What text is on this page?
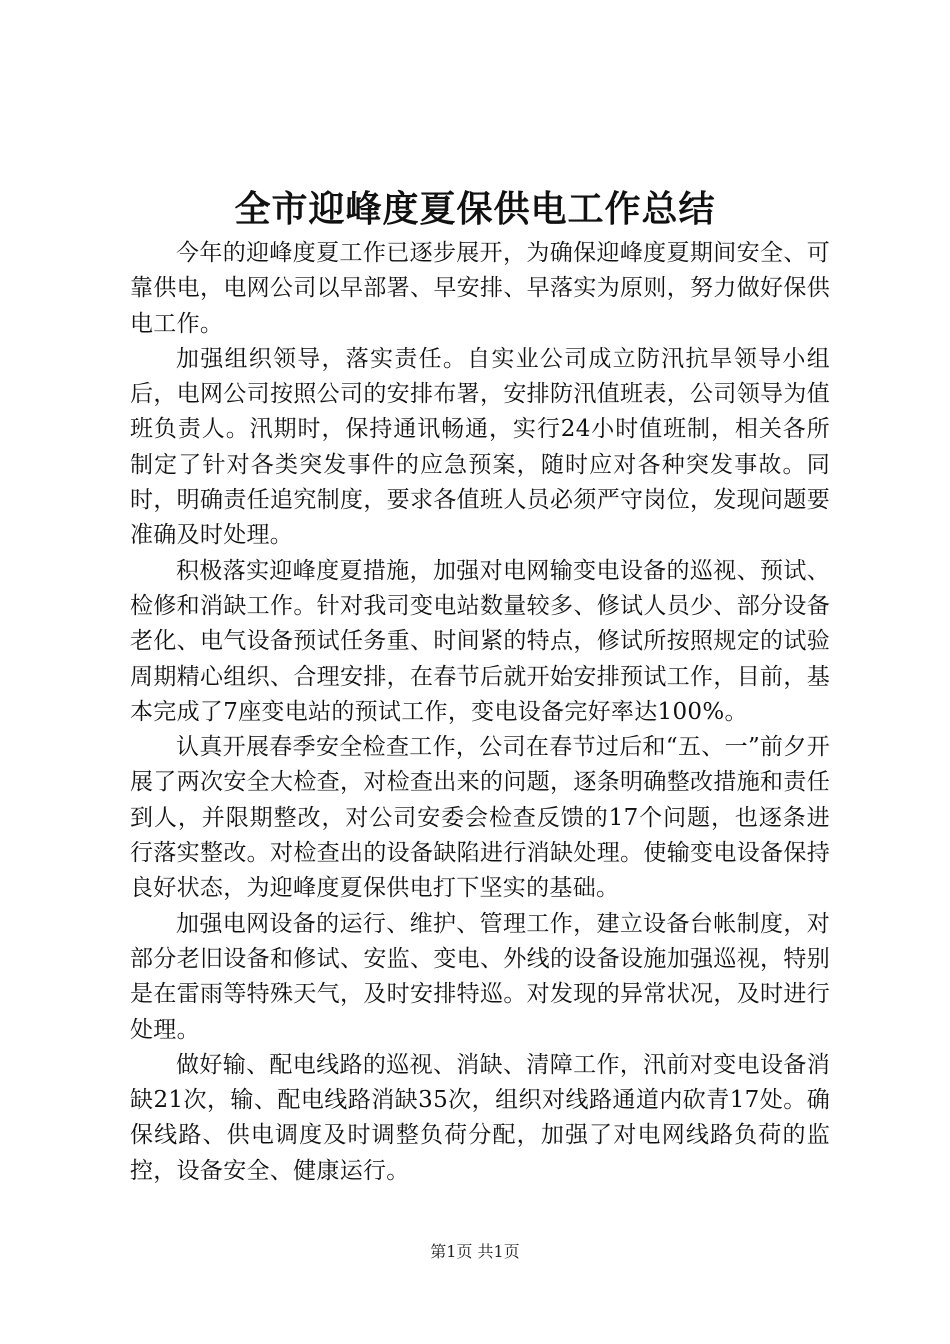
全市迎峰度夏保供电工作总结

今年的迎峰度夏工作已逐步展开，为确保迎峰度夏期间安全、可靠供电，电网公司以早部署、早安排、早落实为原则，努力做好保供电工作。

加强组织领导，落实责任。自实业公司成立防汛抗旱领导小组后，电网公司按照公司的安排布署，安排防汛值班表，公司领导为值班负责人。汛期时，保持通讯畅通，实行24小时值班制，相关各所制定了针对各类突发事件的应急预案，随时应对各种突发事故。同时，明确责任追究制度，要求各值班人员必须严守岗位，发现问题要准确及时处理。

积极落实迎峰度夏措施，加强对电网输变电设备的巡视、预试、检修和消缺工作。针对我司变电站数量较多、修试人员少、部分设备老化、电气设备预试任务重、时间紧的特点，修试所按照规定的试验周期精心组织、合理安排，在春节后就开始安排预试工作，目前，基本完成了7座变电站的预试工作，变电设备完好率达100%。

认真开展春季安全检查工作，公司在春节过后和“五、一”前夕开展了两次安全大检查，对检查出来的问题，逐条明确整改措施和责任到人，并限期整改，对公司安委会检查反馈的17个问题，也逐条进行落实整改。对检查出的设备缺陷进行消缺处理。使输变电设备保持良好状态，为迎峰度夏保供电打下坚实的基础。

加强电网设备的运行、维护、管理工作，建立设备台帐制度，对部分老旧设备和修试、安监、变电、外线的设备设施加强巡视，特别是在雷雨等特殊天气，及时安排特巡。对发现的异常状况，及时进行处理。

做好输、配电线路的巡视、消缺、清障工作，汛前对变电设备消缺21次，输、配电线路消缺35次，组织对线路通道内砍青17处。确保线路、供电调度及时调整负荷分配，加强了对电网线路负荷的监控，设备安全、健康运行。

第1页 共1页
